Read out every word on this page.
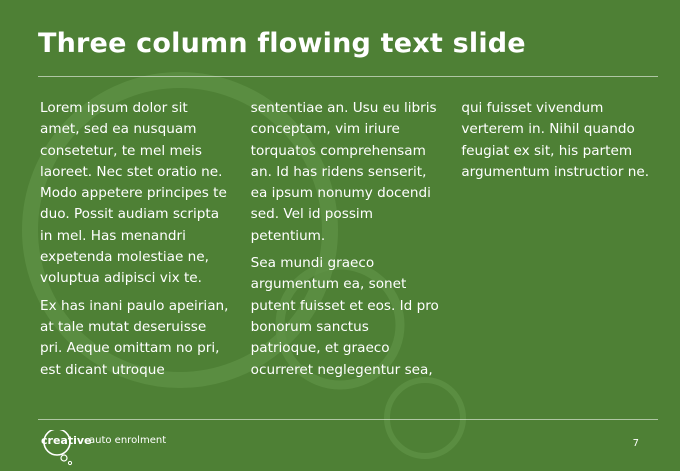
Three column flowing text slide

Lorem ipsum dolor sit amet, sed ea nusquam consetetur, te mel meis laoreet. Nec stet oratio ne. Modo appetere principes te duo. Possit audiam scripta in mel. Has menandri expetenda molestiae ne, voluptua adipisci vix te.

Ex has inani paulo apeirian, at tale mutat deseruisse pri. Aeque omittam no pri, est dicant utroque sententiae an. Usu eu libris conceptam, vim iriure torquatos comprehensam an. Id has ridens senserit, ea ipsum nonumy docendi sed. Vel id possim petentium.

Sea mundi graeco argumentum ea, sonet putent fuisset et eos. Id pro bonorum sanctus patrioque, et graeco ocurreret neglegentur sea, qui fuisset vivendum verterem in. Nihil quando feugiat ex sit, his partem argumentum instructior ne.

creative
auto enrolment	7
